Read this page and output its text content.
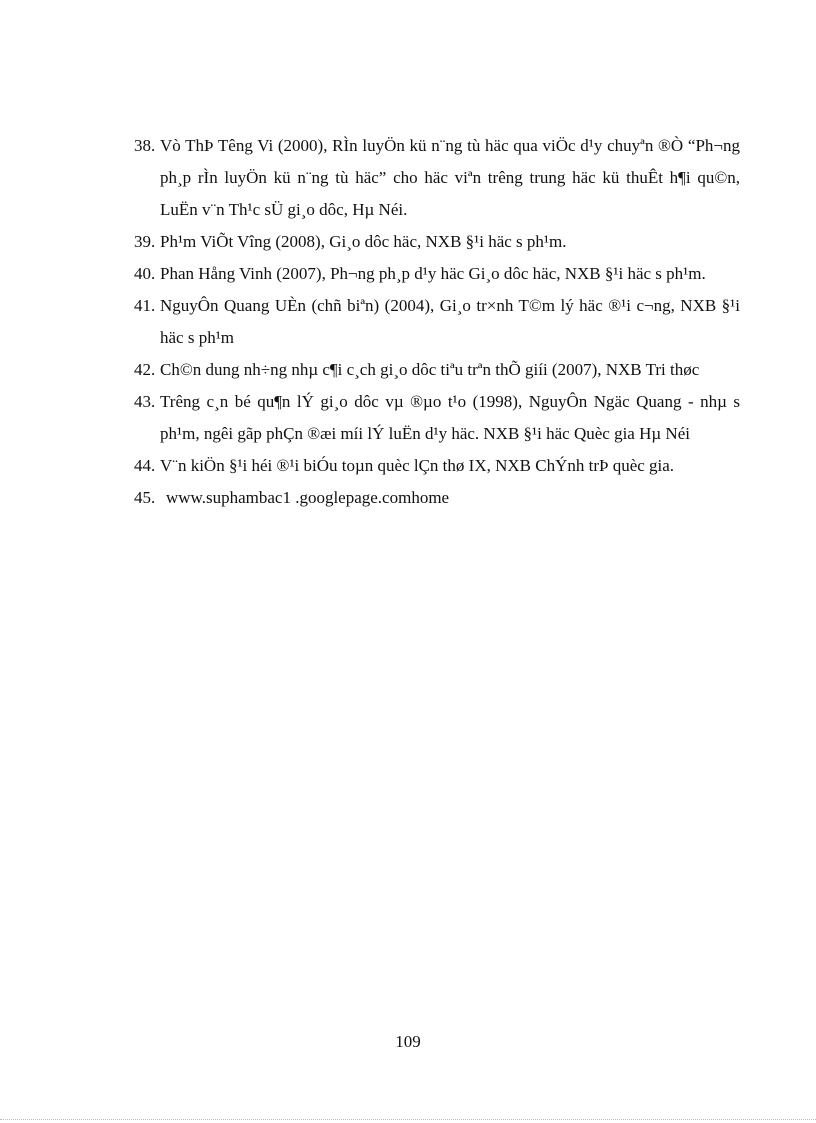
38. Vò ThÞ Têng Vi (2000), RÌn luyÖn kü n¨ng tù häc qua viÖc d¹y chuyªn ®Ò “Ph¬ng ph¸p rÌn luyÖn kü n¨ng tù häc” cho häc viªn trêng trung häc kü thuÊt h¶i qu©n, LuËn v¨n Th¹c sÜ gi¸o dôc, Hµ Néi.
39. Ph¹m ViÕt Vîng (2008), Gi¸o dôc häc, NXB §¹i häc s ph¹m.
40. Phan Hång Vinh (2007), Ph¬ng ph¸p d¹y häc Gi¸o dôc häc, NXB §¹i häc s ph¹m.
41. NguyÔn Quang UÈn (chñ biªn) (2004), Gi¸o tr×nh T©m lý häc ®¹i c¬ng, NXB §¹i häc s ph¹m
42. Ch©n dung nh÷ng nhµ c¶i c¸ch gi¸o dôc tiªu trªn thÕ giíi (2007), NXB Tri thøc
43. Trêng c¸n bé qu¶n lÝ gi¸o dôc vµ ®µo t¹o (1998), NguyÔn Ngäc Quang - nhµ s ph¹m, ngêi gãp phÇn ®æi míi lÝ luËn d¹y häc. NXB §¹i häc Quèc gia Hµ Néi
44. V¨n kiÖn §¹i héi ®¹i biÓu toµn quèc lÇn thø IX, NXB ChÝnh trÞ quèc gia.
45. www.suphambac1 .googlepage.comhome
109
